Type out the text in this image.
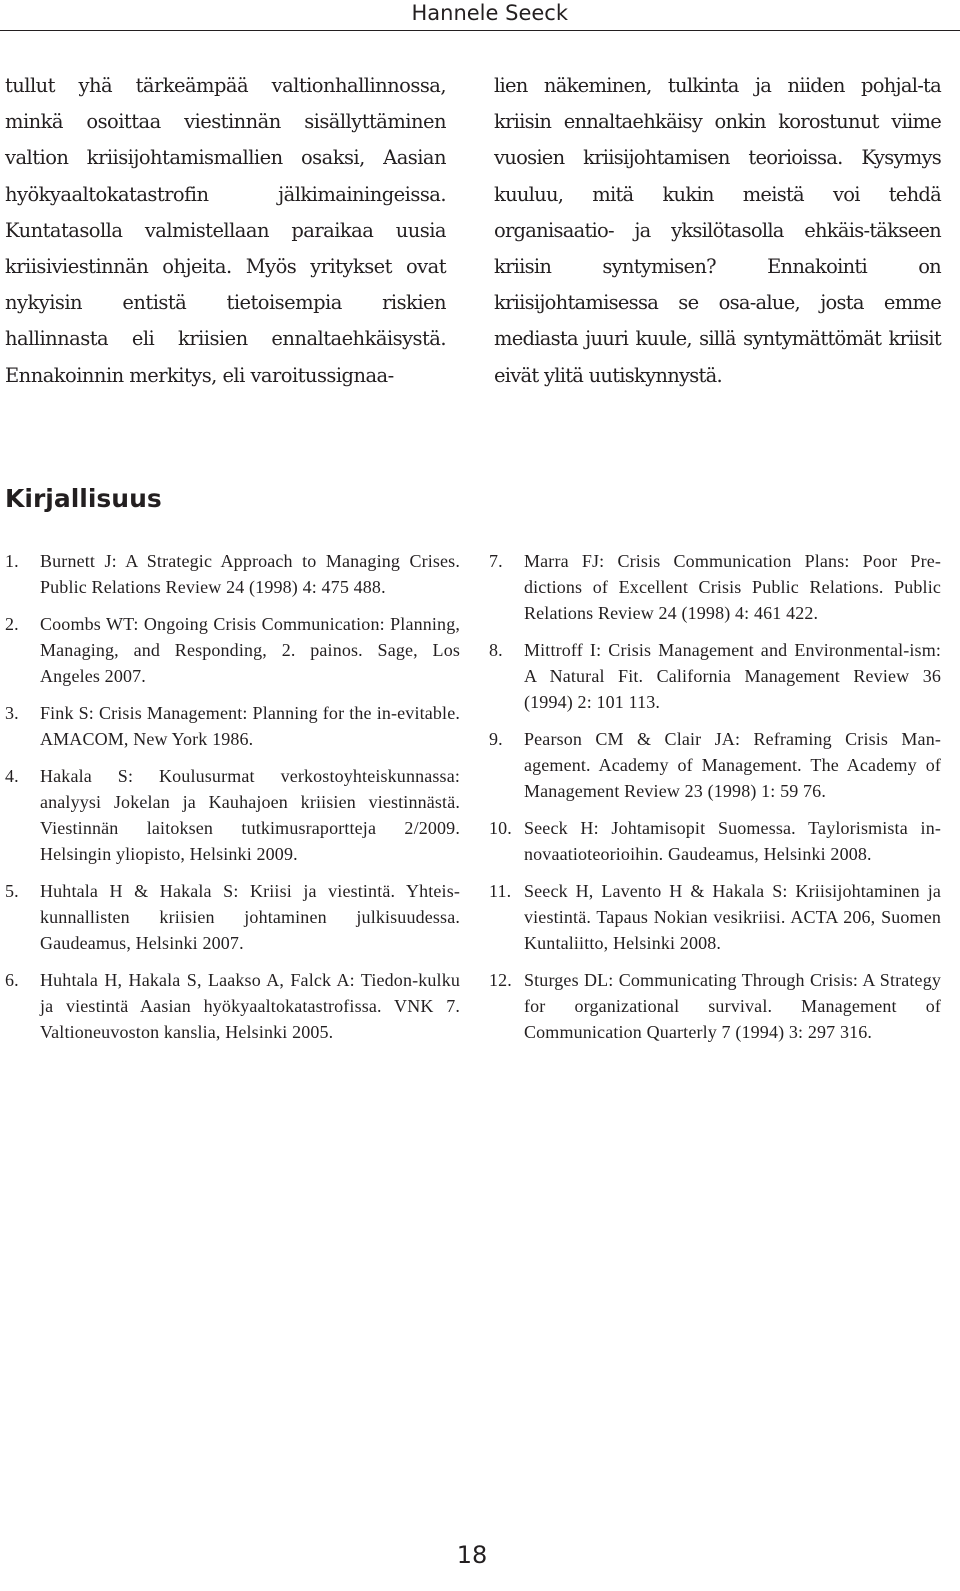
Hannele Seeck

tullut yhä tärkeämpää valtionhallinnossa, minkä osoittaa viestinnän sisällyttäminen valtion kriisijohtamismallien osaksi, Aasian hyökyaaltokatastrofin jälkimainingeissa. Kuntatasolla valmistellaan paraikaa uusia kriisiviestinnän ohjeita. Myös yritykset ovat nykyisin entistä tietoisempia riskien hallinnasta eli kriisien ennaltaehkäisystä. Ennakoinnin merkitys, eli varoitussignaa-

lien näkeminen, tulkinta ja niiden pohjal-ta kriisin ennaltaehkäisy onkin korostunut viime vuosien kriisijohtamisen teorioissa. Kysymys kuuluu, mitä kukin meistä voi tehdä organisaatio- ja yksilötasolla ehkäis-täkseen kriisin syntymisen? Ennakointi on kriisijohtamisessa se osa-alue, josta emme mediasta juuri kuule, sillä syntymättömät kriisit eivät ylitä uutiskynnystä.

Kirjallisuus
1. Burnett J: A Strategic Approach to Managing Crises. Public Relations Review 24 (1998) 4: 475 488.
2. Coombs WT: Ongoing Crisis Communication: Planning, Managing, and Responding, 2. painos. Sage, Los Angeles 2007.
3. Fink S: Crisis Management: Planning for the in-evitable. AMACOM, New York 1986.
4. Hakala S: Koulusurmat verkostoyhteiskunnassa: analyysi Jokelan ja Kauhajoen kriisien viestinnästä. Viestinnän laitoksen tutkimusraportteja 2/2009. Helsingin yliopisto, Helsinki 2009.
5. Huhtala H & Hakala S: Kriisi ja viestintä. Yhteis-kunnallisten kriisien johtaminen julkisuudessa. Gaudeamus, Helsinki 2007.
6. Huhtala H, Hakala S, Laakso A, Falck A: Tiedon-kulku ja viestintä Aasian hyökyaaltokatastrofissa. VNK 7. Valtioneuvoston kanslia, Helsinki 2005.
7. Marra FJ: Crisis Communication Plans: Poor Pre-dictions of Excellent Crisis Public Relations. Public Relations Review 24 (1998) 4: 461 422.
8. Mittroff I: Crisis Management and Environmental-ism: A Natural Fit. California Management Review 36 (1994) 2: 101 113.
9. Pearson CM & Clair JA: Reframing Crisis Man-agement. Academy of Management. The Academy of Management Review 23 (1998) 1: 59 76.
10. Seeck H: Johtamisopit Suomessa. Taylorismista in-novaatioteorioihin. Gaudeamus, Helsinki 2008.
11. Seeck H, Lavento H & Hakala S: Kriisijohtaminen ja viestintä. Tapaus Nokian vesikriisi. ACTA 206, Suomen Kuntaliitto, Helsinki 2008.
12. Sturges DL: Communicating Through Crisis: A Strategy for organizational survival. Management of Communication Quarterly 7 (1994) 3: 297 316.
18
